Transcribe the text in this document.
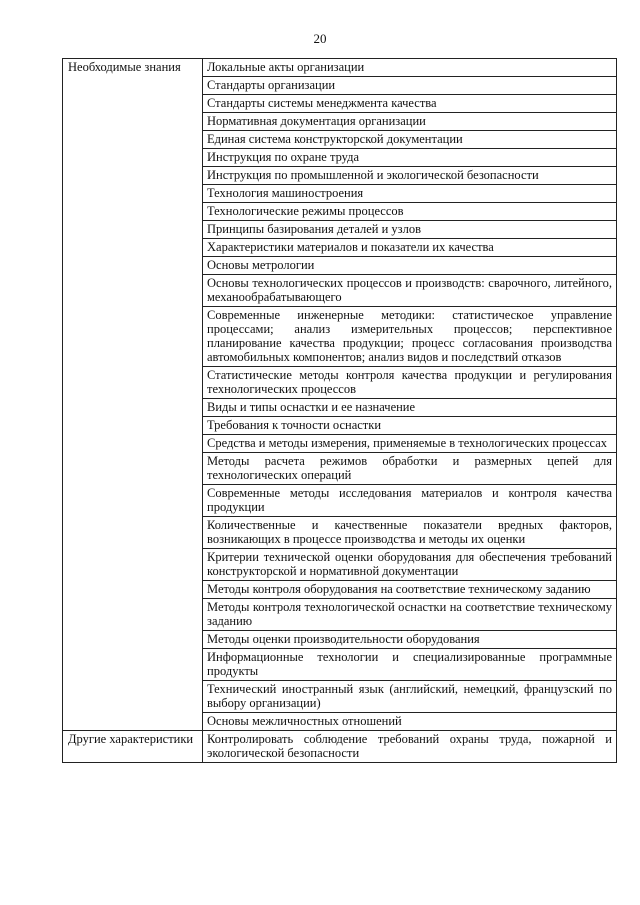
20
Необходимые знания	Локальные акты организации
	Стандарты организации
	Стандарты системы менеджмента качества
	Нормативная документация организации
	Единая система конструкторской документации
	Инструкция по охране труда
	Инструкция по промышленной и экологической безопасности
	Технология машиностроения
	Технологические режимы процессов
	Принципы базирования деталей и узлов
	Характеристики материалов и показатели их качества
	Основы метрологии
	Основы технологических процессов и производств: сварочного, литейного, механообрабатывающего
	Современные инженерные методики: статистическое управление процессами; анализ измерительных процессов; перспективное планирование качества продукции; процесс согласования производства автомобильных компонентов; анализ видов и последствий отказов
	Статистические методы контроля качества продукции и регулирования технологических процессов
	Виды и типы оснастки и ее назначение
	Требования к точности оснастки
	Средства и методы измерения, применяемые в технологических процессах
	Методы расчета режимов обработки и размерных цепей для технологических операций
	Современные методы исследования материалов и контроля качества продукции
	Количественные и качественные показатели вредных факторов, возникающих в процессе производства и методы их оценки
	Критерии технической оценки оборудования для обеспечения требований конструкторской и нормативной документации
	Методы контроля оборудования на соответствие техническому заданию
	Методы контроля технологической оснастки на соответствие техническому заданию
	Методы оценки производительности оборудования
	Информационные технологии и специализированные программные продукты
	Технический иностранный язык (английский, немецкий, французский по выбору организации)
	Основы межличностных отношений
Другие характеристики	Контролировать соблюдение требований охраны труда, пожарной и экологической безопасности
